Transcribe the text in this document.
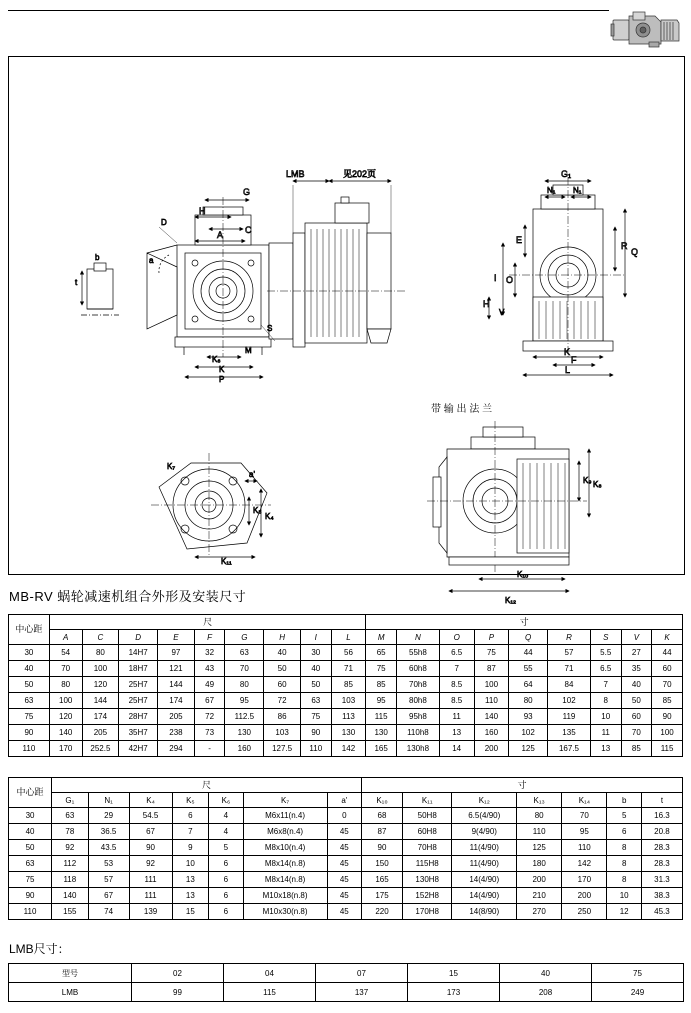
b
t
a
LMB	见202页
G
H
C
A
K₆
K
P
S
M
D
G₁
N₁ N₁
E
O
I
H
V
R
Q
K
F
L
带 输 出 法 兰
K₇
a'
K₅
K₄
K₁₁
K₉ K₈
K₁₀
K₁₂
MB-RV 蜗轮减速机组合外形及安装尺寸
中心距	尺									寸								
	A	C	D	E	F	G	H	I	L	M	N	O	P	Q	R	S	V	K
30	54	80	14H7	97	32	63	40	30	56	65	55h8	6.5	75	44	57	5.5	27	44
40	70	100	18H7	121	43	70	50	40	71	75	60h8	7	87	55	71	6.5	35	60
50	80	120	25H7	144	49	80	60	50	85	85	70h8	8.5	100	64	84	7	40	70
63	100	144	25H7	174	67	95	72	63	103	95	80h8	8.5	110	80	102	8	50	85
75	120	174	28H7	205	72	112.5	86	75	113	115	95h8	11	140	93	119	10	60	90
90	140	205	35H7	238	73	130	103	90	130	130	110h8	13	160	102	135	11	70	100
110	170	252.5	42H7	294	-	160	127.5	110	142	165	130h8	14	200	125	167.5	13	85	115
中心距	尺							寸						
	G₁	N₁	K₄	K₅	K₆	K₇	a'	K₁₀	K₁₁	K₁₂	K₁₃	K₁₄	b	t
30	63	29	54.5	6	4	M6x11(n.4)	0	68	50H8	6.5(4/90)	80	70	5	16.3
40	78	36.5	67	7	4	M6x8(n.4)	45	87	60H8	9(4/90)	110	95	6	20.8
50	92	43.5	90	9	5	M8x10(n.4)	45	90	70H8	11(4/90)	125	110	8	28.3
63	112	53	92	10	6	M8x14(n.8)	45	150	115H8	11(4/90)	180	142	8	28.3
75	118	57	111	13	6	M8x14(n.8)	45	165	130H8	14(4/90)	200	170	8	31.3
90	140	67	111	13	6	M10x18(n.8)	45	175	152H8	14(4/90)	210	200	10	38.3
110	155	74	139	15	6	M10x30(n.8)	45	220	170H8	14(8/90)	270	250	12	45.3
LMB尺寸：
型号	02	04	07	15	40	75
LMB	99	115	137	173	208	249
